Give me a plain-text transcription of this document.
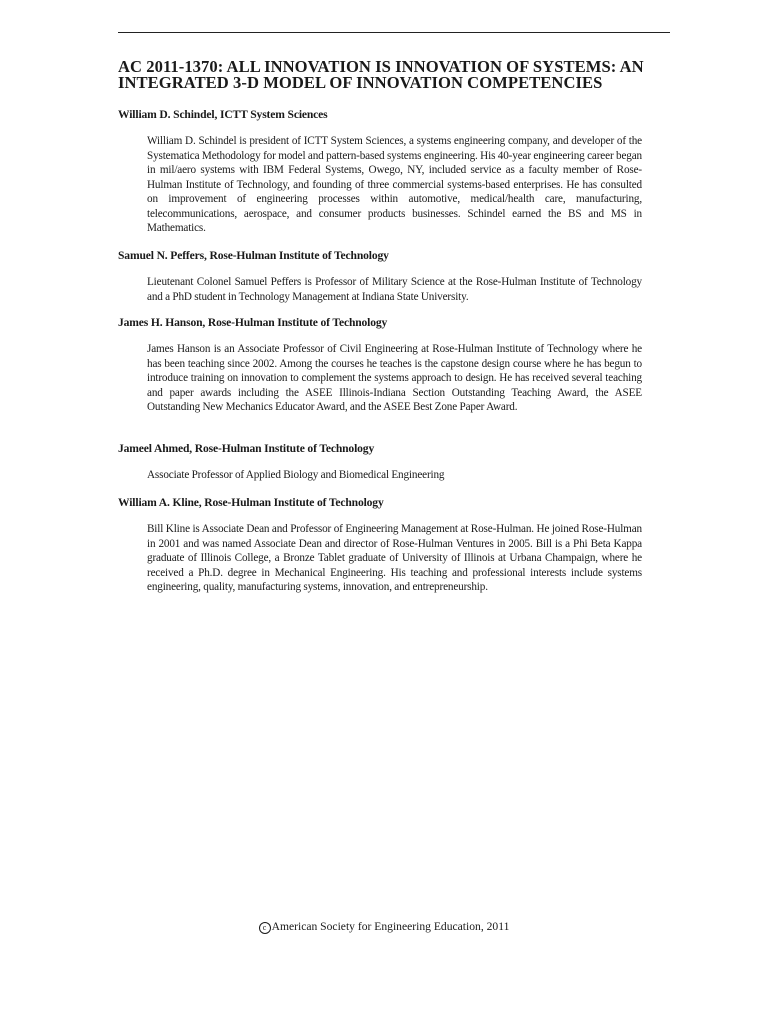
AC 2011-1370: ALL INNOVATION IS INNOVATION OF SYSTEMS: AN INTEGRATED 3-D MODEL OF INNOVATION COMPETENCIES

William D. Schindel, ICTT System Sciences

William D. Schindel is president of ICTT System Sciences, a systems engineering company, and developer of the Systematica Methodology for model and pattern-based systems engineering. His 40-year engineering career began in mil/aero systems with IBM Federal Systems, Owego, NY, included service as a faculty member of Rose-Hulman Institute of Technology, and founding of three commercial systems-based enterprises. He has consulted on improvement of engineering processes within automotive, medical/health care, manufacturing, telecommunications, aerospace, and consumer products businesses. Schindel earned the BS and MS in Mathematics.

Samuel N. Peffers, Rose-Hulman Institute of Technology

Lieutenant Colonel Samuel Peffers is Professor of Military Science at the Rose-Hulman Institute of Technology and a PhD student in Technology Management at Indiana State University.

James H. Hanson, Rose-Hulman Institute of Technology

James Hanson is an Associate Professor of Civil Engineering at Rose-Hulman Institute of Technology where he has been teaching since 2002. Among the courses he teaches is the capstone design course where he has begun to introduce training on innovation to complement the systems approach to design. He has received several teaching and paper awards including the ASEE Illinois-Indiana Section Outstanding Teaching Award, the ASEE Outstanding New Mechanics Educator Award, and the ASEE Best Zone Paper Award.

Jameel Ahmed, Rose-Hulman Institute of Technology

Associate Professor of Applied Biology and Biomedical Engineering

William A. Kline, Rose-Hulman Institute of Technology

Bill Kline is Associate Dean and Professor of Engineering Management at Rose-Hulman. He joined Rose-Hulman in 2001 and was named Associate Dean and director of Rose-Hulman Ventures in 2005. Bill is a Phi Beta Kappa graduate of Illinois College, a Bronze Tablet graduate of University of Illinois at Urbana Champaign, where he received a Ph.D. degree in Mechanical Engineering. His teaching and professional interests include systems engineering, quality, manufacturing systems, innovation, and entrepreneurship.

c American Society for Engineering Education, 2011
